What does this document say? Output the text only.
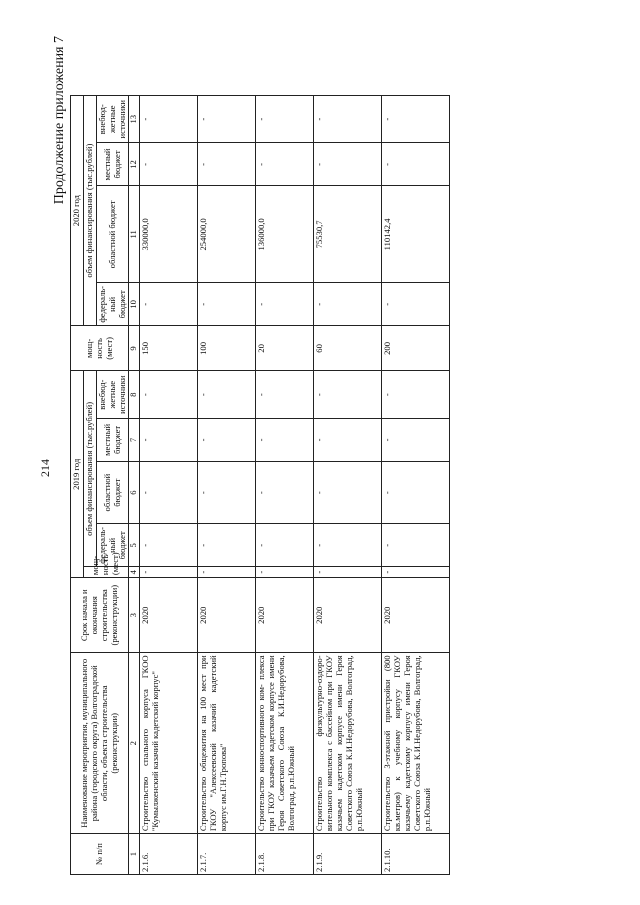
214
Продолжение приложения 7
№ п/п	Наименование мероприятия, муниципального района (городского округа) Волгоградской области, объекта строительства (реконструкции)	Срок начала и окончания строительства (реконструкции)	2019 год					мощ- ность (мест)	2020 год			
			мощ- ность (мест)	объем финансирования (тыс.рублей)					объем финансирования (тыс.рублей)			
				федераль- ный бюджет	областной бюджет	местный бюджет	внебюд- жетные источники		федераль- ный бюджет	областной бюджет	местный бюджет	внебюд- жетные источники
1	2	3	4	5	6	7	8	9	10	11	12	13
2.1.6.	Строительство спального корпуса ГКОО "Кумылженский казачий кадетский корпус"	2020	-	-	-	-	-	150	-	330000,0	-	-
2.1.7.	Строительство общежития на 100 мест при ГКОУ "Алексеевский казачий кадетский корпус им.Г.Н.Тропова"	2020	-	-	-	-	-	100	-	254000,0	-	-
2.1.8.	Строительство конноспортивного ком- плекса при ГКОУ казачьем кадетском корпусе имени Героя Советского Союза К.И.Недорубова, Волгоград, р.п.Южный	2020	-	-	-	-	-	20	-	136000,0	-	-
2.1.9.	Строительство физкультурно-оздоро- вительного комплекса с бассейном при ГКОУ казачьем кадетском корпусе имени Героя Советского Союза К.И.Недорубова, Волгоград, р.п.Южный	2020	-	-	-	-	-	60	-	75530,7	-	-
2.1.10.	Строительство 3-этажной пристройки (800 кв.метров) к учебному корпусу ГКОУ казачьему кадетскому корпусу имени Героя Советского Союза К.И.Недорубова, Волгоград, р.п.Южный	2020	-	-	-	-	-	200	-	110142,4	-	-
